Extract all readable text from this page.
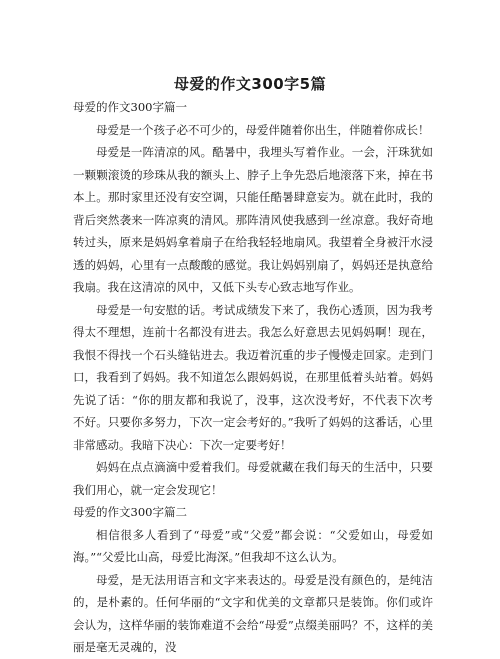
母爱的作文300字5篇

母爱的作文300字篇一

母爱是一个孩子必不可少的，母爱伴随着你出生，伴随着你成长！

母爱是一阵清凉的风。酷暑中，我埋头写着作业。一会，汗珠犹如一颗颗滚烫的珍珠从我的额头上、脖子上争先恐后地滚落下来，掉在书本上。那时家里还没有安空调，只能任酷暑肆意妄为。就在此时，我的背后突然袭来一阵凉爽的清风。那阵清风使我感到一丝凉意。我好奇地转过头，原来是妈妈拿着扇子在给我轻轻地扇风。我望着全身被汗水浸透的妈妈，心里有一点酸酸的感觉。我让妈妈别扇了，妈妈还是执意给我扇。我在这清凉的风中，又低下头专心致志地写作业。

母爱是一句安慰的话。考试成绩发下来了，我伤心透顶，因为我考得太不理想，连前十名都没有进去。我怎么好意思去见妈妈啊！现在，我恨不得找一个石头缝钻进去。我迈着沉重的步子慢慢走回家。走到门口，我看到了妈妈。我不知道怎么跟妈妈说，在那里低着头站着。妈妈先说了话：“你的朋友都和我说了，没事，这次没考好，不代表下次考不好。只要你多努力，下次一定会考好的。”我听了妈妈的这番话，心里非常感动。我暗下决心：下次一定要考好！

妈妈在点点滴滴中爱着我们。母爱就藏在我们每天的生活中，只要我们用心，就一定会发现它！

母爱的作文300字篇二

相信很多人看到了“母爱”或“父爱”都会说：“父爱如山，母爱如海。”“父爱比山高，母爱比海深。”但我却不这么认为。

母爱，是无法用语言和文字来表达的。母爱是没有颜色的，是纯洁的，是朴素的。任何华丽的“文字和优美的文章都只是装饰。你们或许会认为，这样华丽的装饰难道不会给“母爱”点缀美丽吗？不，这样的美丽是毫无灵魂的，没
